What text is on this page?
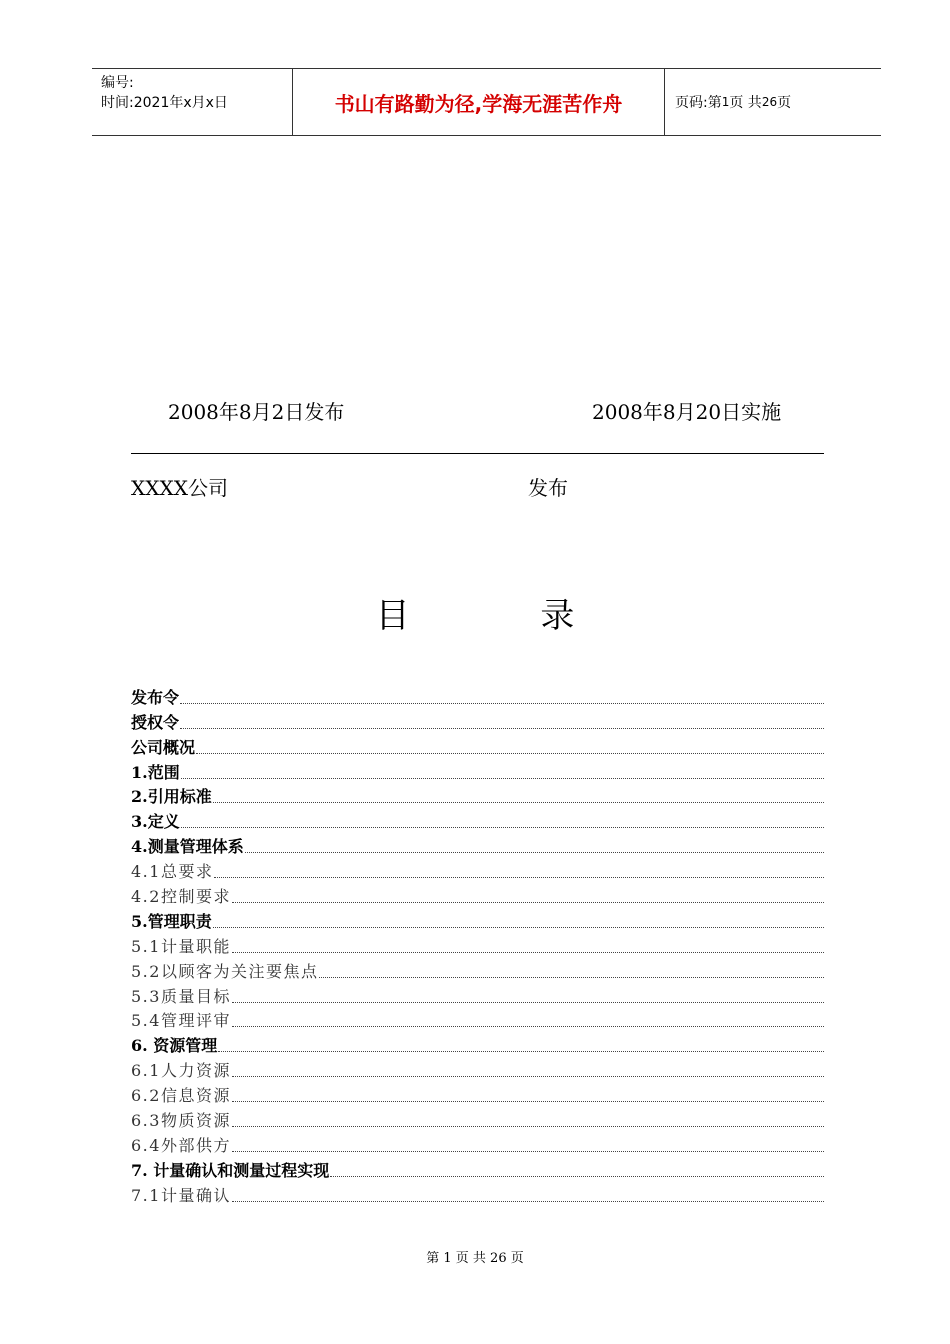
编号:
时间:2021年x月x日	书山有路勤为径,学海无涯苦作舟	页码:第 1 页 共 26 页
2008年8月2日发布	2008年8月20日实施
XXXX公司	发布
目 录
发布令
授权令
公司概况
1.范围
2.引用标准
3.定义
4.测量管理体系
4.1总要求
4.2控制要求
5.管理职责
5.1计量职能
5.2以顾客为关注要焦点
5.3质量目标
5.4管理评审
6. 资源管理
6.1人力资源
6.2信息资源
6.3物质资源
6.4外部供方
7. 计量确认和测量过程实现
7.1计量确认
第 1 页 共 26 页
